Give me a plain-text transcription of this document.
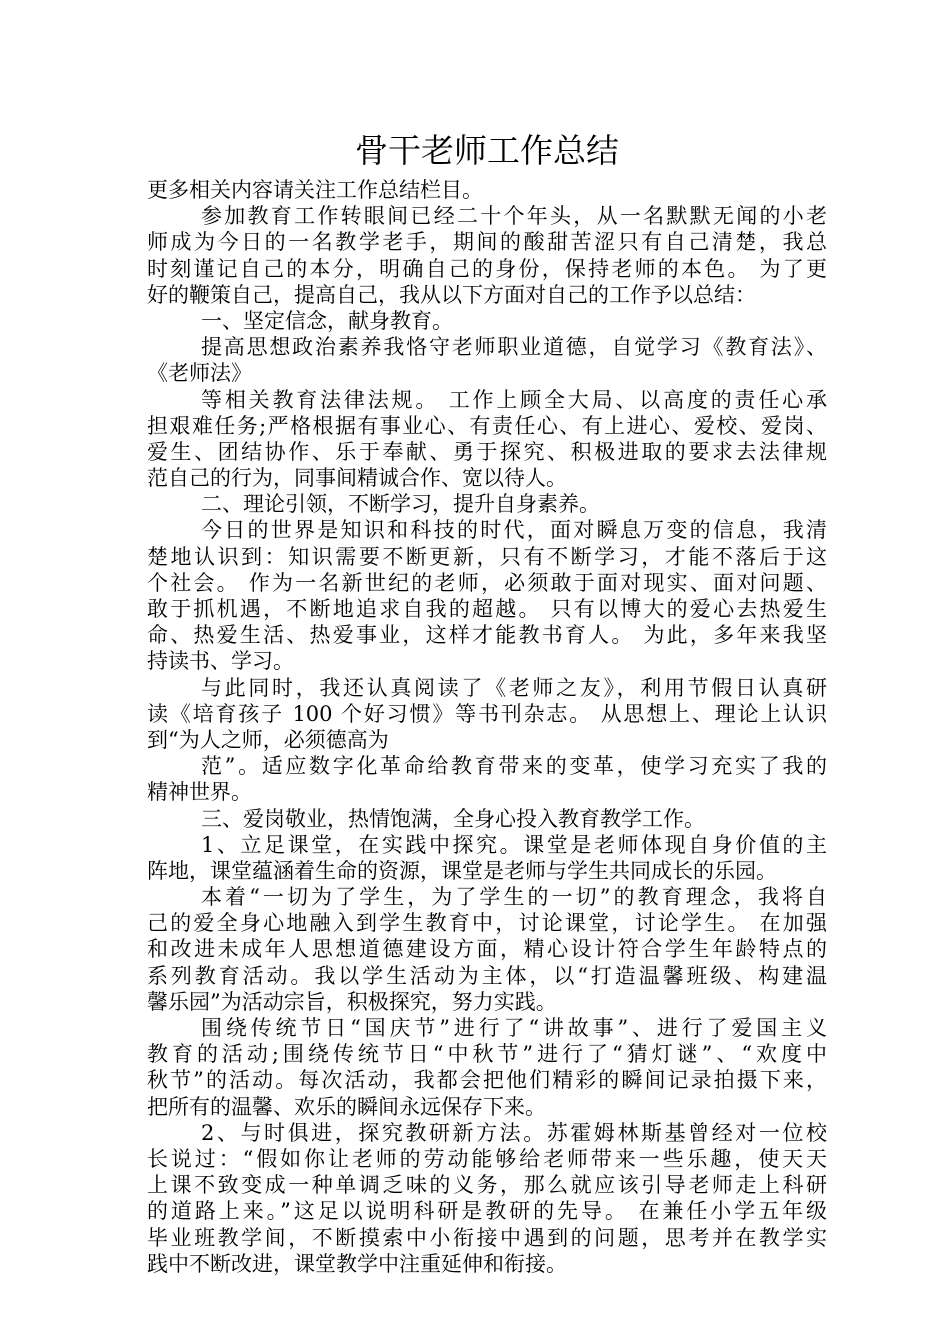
骨干老师工作总结
更多相关内容请关注工作总结栏目。
参加教育工作转眼间已经二十个年头，从一名默默无闻的小老
师成为今日的一名教学老手，期间的酸甜苦涩只有自己清楚，我总
时刻谨记自己的本分，明确自己的身份，保持老师的本色。 为了更
好的鞭策自己，提高自己，我从以下方面对自己的工作予以总结：
一、坚定信念，献身教育。
提高思想政治素养我恪守老师职业道德，自觉学习《教育法》、
《老师法》
等相关教育法律法规。 工作上顾全大局、以高度的责任心承
担艰难任务;严格根据有事业心、有责任心、有上进心、爱校、爱岗、
爱生、团结协作、乐于奉献、勇于探究、积极进取的要求去法律规
范自己的行为，同事间精诚合作、宽以待人。
二、理论引领，不断学习，提升自身素养。
今日的世界是知识和科技的时代，面对瞬息万变的信息，我清
楚地认识到：知识需要不断更新，只有不断学习，才能不落后于这
个社会。 作为一名新世纪的老师，必须敢于面对现实、面对问题、
敢于抓机遇，不断地追求自我的超越。 只有以博大的爱心去热爱生
命、热爱生活、热爱事业，这样才能教书育人。 为此，多年来我坚
持读书、学习。
与此同时，我还认真阅读了《老师之友》，利用节假日认真研
读《培育孩子 100 个好习惯》等书刊杂志。 从思想上、理论上认识
到“为人之师，必须德高为
范”。适应数字化革命给教育带来的变革，使学习充实了我的
精神世界。
三、爱岗敬业，热情饱满，全身心投入教育教学工作。
1、立足课堂，在实践中探究。课堂是老师体现自身价值的主
阵地，课堂蕴涵着生命的资源，课堂是老师与学生共同成长的乐园。
本着“一切为了学生，为了学生的一切”的教育理念，我将自
己的爱全身心地融入到学生教育中，讨论课堂，讨论学生。 在加强
和改进未成年人思想道德建设方面，精心设计符合学生年龄特点的
系列教育活动。我以学生活动为主体，以“打造温馨班级、构建温
馨乐园”为活动宗旨，积极探究，努力实践。
围绕传统节日“国庆节”进行了“讲故事”、进行了爱国主义
教育的活动;围绕传统节日“中秋节”进行了“猜灯谜”、“欢度中
秋节”的活动。每次活动，我都会把他们精彩的瞬间记录拍摄下来，
把所有的温馨、欢乐的瞬间永远保存下来。
2、与时俱进，探究教研新方法。苏霍姆林斯基曾经对一位校
长说过：“假如你让老师的劳动能够给老师带来一些乐趣，使天天
上课不致变成一种单调乏味的义务，那么就应该引导老师走上科研
的道路上来。”这足以说明科研是教研的先导。 在兼任小学五年级
毕业班教学间，不断摸索中小衔接中遇到的问题，思考并在教学实
践中不断改进，课堂教学中注重延伸和衔接。
